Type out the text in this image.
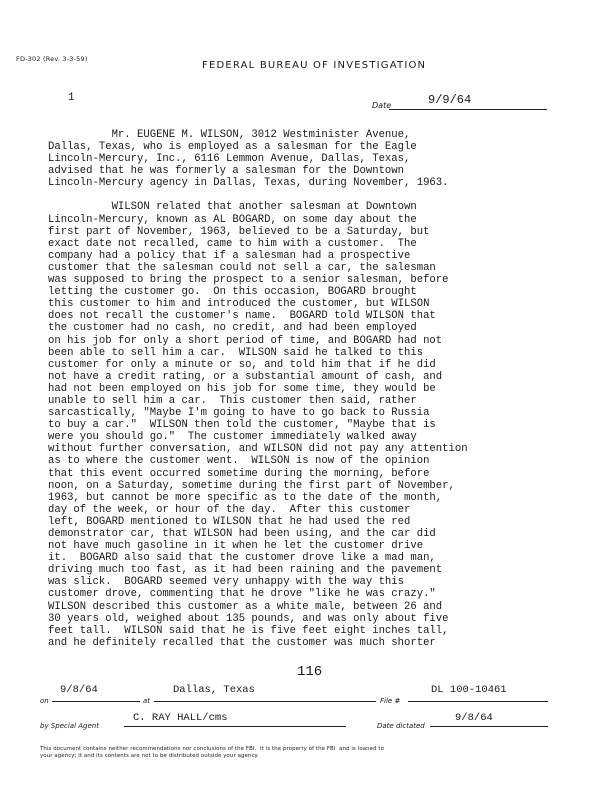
FD-302 (Rev. 3-3-59)
FEDERAL BUREAU OF INVESTIGATION
1
Date	9/9/64

Mr. EUGENE M. WILSON, 3012 Westminister Avenue,

Dallas, Texas, who is employed as a salesman for the Eagle

Lincoln-Mercury, Inc., 6116 Lemmon Avenue, Dallas, Texas,

advised that he was formerly a salesman for the Downtown

Lincoln-Mercury agency in Dallas, Texas, during November, 1963.

WILSON related that another salesman at Downtown

Lincoln-Mercury, known as AL BOGARD, on some day about the

first part of November, 1963, believed to be a Saturday, but

exact date not recalled, came to him with a customer.  The

company had a policy that if a salesman had a prospective

customer that the salesman could not sell a car, the salesman

was supposed to bring the prospect to a senior salesman, before

letting the customer go.  On this occasion, BOGARD brought

this customer to him and introduced the customer, but WILSON

does not recall the customer's name.  BOGARD told WILSON that

the customer had no cash, no credit, and had been employed

on his job for only a short period of time, and BOGARD had not

been able to sell him a car.  WILSON said he talked to this

customer for only a minute or so, and told him that if he did

not have a credit rating, or a substantial amount of cash, and

had not been employed on his job for some time, they would be

unable to sell him a car.  This customer then said, rather

sarcastically, "Maybe I'm going to have to go back to Russia

to buy a car."  WILSON then told the customer, "Maybe that is

were you should go."  The customer immediately walked away

without further conversation, and WILSON did not pay any attention

as to where the customer went.  WILSON is now of the opinion

that this event occurred sometime during the morning, before

noon, on a Saturday, sometime during the first part of November,

1963, but cannot be more specific as to the date of the month,

day of the week, or hour of the day.  After this customer

left, BOGARD mentioned to WILSON that he had used the red

demonstrator car, that WILSON had been using, and the car did

not have much gasoline in it when he let the customer drive

it.  BOGARD also said that the customer drove like a mad man,

driving much too fast, as it had been raining and the pavement

was slick.  BOGARD seemed very unhappy with the way this

customer drove, commenting that he drove "like he was crazy."

WILSON described this customer as a white male, between 26 and

30 years old, weighed about 135 pounds, and was only about five

feet tall.  WILSON said that he is five feet eight inches tall,

and he definitely recalled that the customer was much shorter

116
on
9/8/64
at
Dallas, Texas
File #
DL 100-10461
by Special Agent
C. RAY HALL/cms
Date dictated
9/8/64
This document contains neither recommendations nor conclusions of the FBI.  It is the property of the FBI  and is loaned to
your agency; it and its contents are not to be distributed outside your agency.
